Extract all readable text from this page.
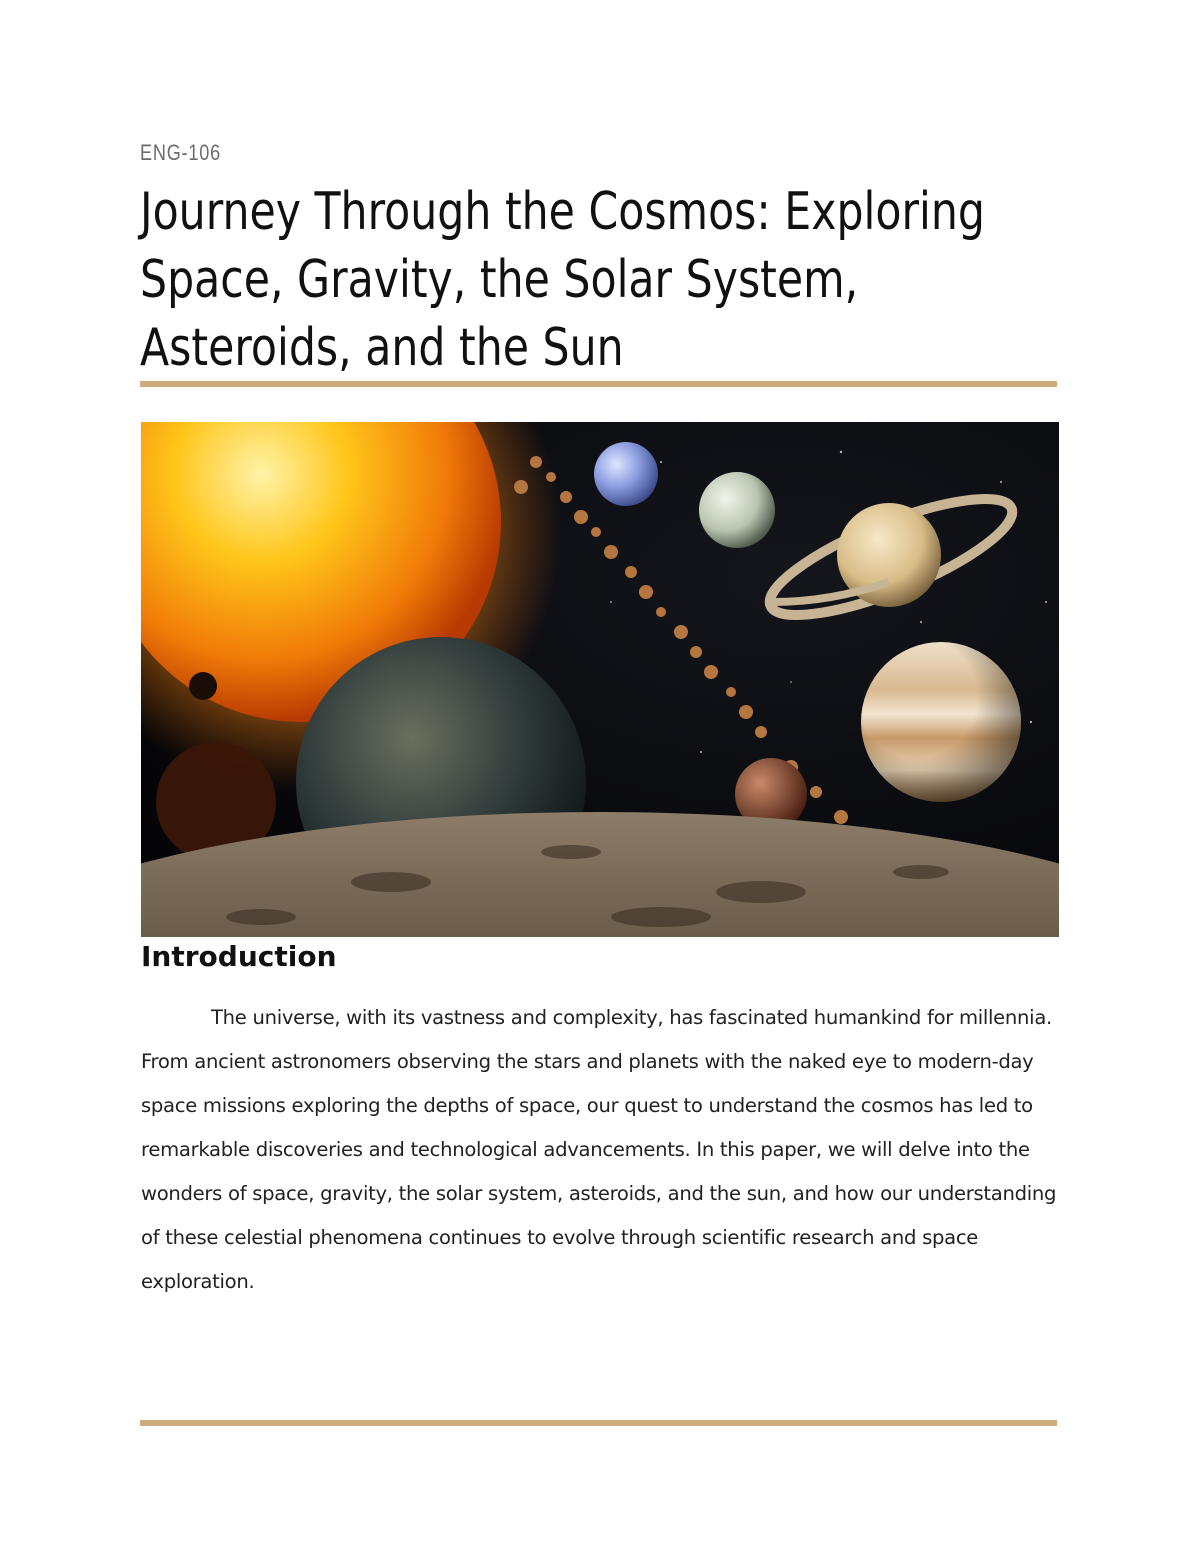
ENG-106
Journey Through the Cosmos: Exploring Space, Gravity, the Solar System, Asteroids, and the Sun
Introduction

The universe, with its vastness and complexity, has fascinated humankind for millennia. From ancient astronomers observing the stars and planets with the naked eye to modern-day space missions exploring the depths of space, our quest to understand the cosmos has led to remarkable discoveries and technological advancements. In this paper, we will delve into the wonders of space, gravity, the solar system, asteroids, and the sun, and how our understanding of these celestial phenomena continues to evolve through scientific research and space exploration.
